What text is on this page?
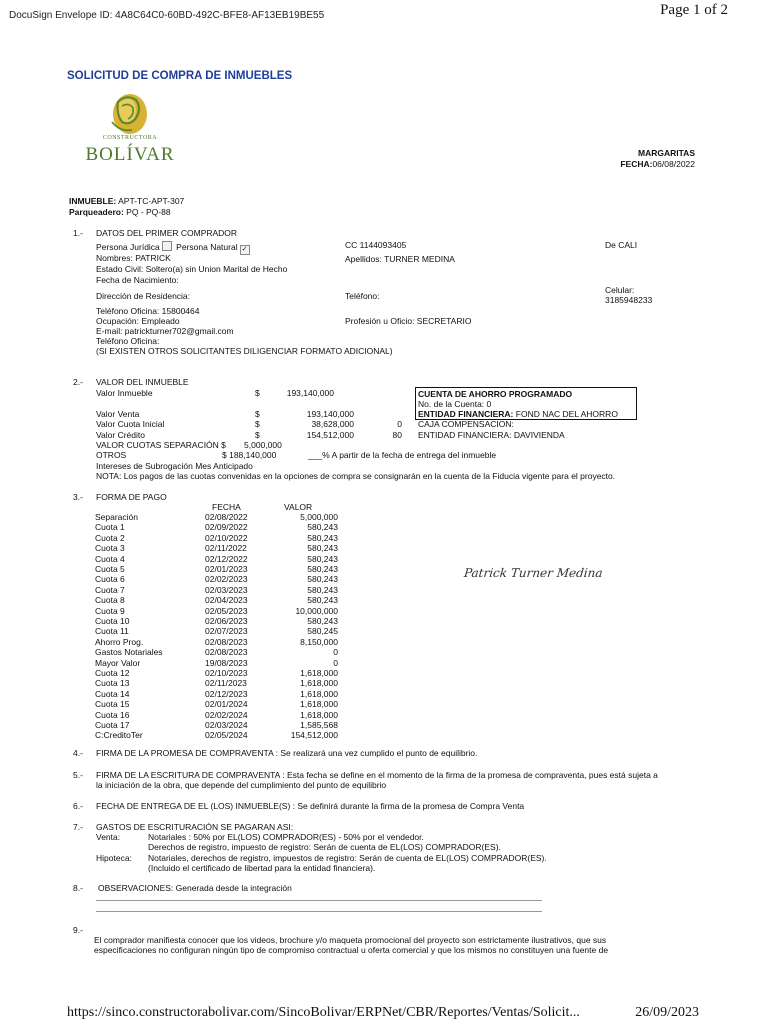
DocuSign Envelope ID: 4A8C64C0-60BD-492C-BFE8-AF13EB19BE55	Page 1 of 2
SOLICITUD DE COMPRA DE INMUEBLES
CONSTRUCTORA
BOLÍVAR	MARGARITAS
FECHA:06/08/2022
INMUEBLE: APT-TC-APT-307
Parqueadero: PQ - PQ-88
1.- DATOS DEL PRIMER COMPRADOR
Persona Jurídica Persona Natural ✓	CC 1144093405	De CALI
Nombres: PATRICK	Apellidos: TURNER MEDINA
Estado Civil: Soltero(a) sin Union Marital de Hecho
Fecha de Nacimiento:
Dirección de Residencia:	Teléfono:
Celular:
3185948233
Teléfono Oficina: 15800464
Ocupación: Empleado	Profesión u Oficio: SECRETARIO
E-mail: patrickturner702@gmail.com
Teléfono Oficina:
(SI EXISTEN OTROS SOLICITANTES DILIGENCIAR FORMATO ADICIONAL)
2.- VALOR DEL INMUEBLE
Valor Inmueble	$	193,140,000	CUENTA DE AHORRO PROGRAMADO
No. de la Cuenta: 0
ENTIDAD FINANCIERA: FOND NAC DEL AHORRO
Valor Venta	$	193,140,000
Valor Cuota Inicial	$	38,628,000	0 CAJA COMPENSACION:
Valor Crédito	$	154,512,000	80 ENTIDAD FINANCIERA: DAVIVIENDA
VALOR CUOTAS SEPARACIÓN $ 5,000,000
OTROS	$ 188,140,000	___% A partir de la fecha de entrega del inmueble
Intereses de Subrogación Mes Anticipado
NOTA: Los pagos de las cuotas convenidas en la opciones de compra se consignarán en la cuenta de la Fiducia vigente para el proyecto.
3.- FORMA DE PAGO
FECHA	VALOR
Separación	02/08/2022	5,000,000
Cuota 1	02/09/2022	580,243
Cuota 2	02/10/2022	580,243
Cuota 3	02/11/2022	580,243
Cuota 4	02/12/2022	580,243
Cuota 5	02/01/2023	580,243
Cuota 6	02/02/2023	580,243
Cuota 7	02/03/2023	580,243
Cuota 8	02/04/2023	580,243
Cuota 9	02/05/2023	10,000,000
Cuota 10	02/06/2023	580,243
Cuota 11	02/07/2023	580,245
Ahorro Prog.	02/08/2023	8,150,000
Gastos Notariales	02/08/2023	0
Mayor Valor	19/08/2023	0
Cuota 12	02/10/2023	1,618,000
Cuota 13	02/11/2023	1,618,000
Cuota 14	02/12/2023	1,618,000
Cuota 15	02/01/2024	1,618,000
Cuota 16	02/02/2024	1,618,000
Cuota 17	02/03/2024	1,585,568
C:CreditoTer	02/05/2024	154,512,000
Patrick Turner Medina
4.- FIRMA DE LA PROMESA DE COMPRAVENTA : Se realizará una vez cumplido el punto de equilibrio.
5.- FIRMA DE LA ESCRITURA DE COMPRAVENTA : Esta fecha se define en el momento de la firma de la promesa de compraventa, pues está sujeta a
la iniciación de la obra, que depende del cumplimiento del punto de equilibrio
6.- FECHA DE ENTREGA DE EL (LOS) INMUEBLE(S) : Se definirá durante la firma de la promesa de Compra Venta
7.- GASTOS DE ESCRITURACIÓN SE PAGARAN ASI:
Venta:	Notariales : 50% por EL(LOS) COMPRADOR(ES) - 50% por el vendedor.
Derechos de registro, impuesto de registro: Serán de cuenta de EL(LOS) COMPRADOR(ES).
Hipoteca: Notariales, derechos de registro, impuestos de registro: Serán de cuenta de EL(LOS) COMPRADOR(ES).
(Incluido el certificado de libertad para la entidad financiera).
8.- OBSERVACIONES: Generada desde la integración
9.-
El comprador manifiesta conocer que los videos, brochure y/o maqueta promocional del proyecto son estrictamente ilustrativos, que sus
especificaciones no configuran ningún tipo de compromiso contractual u oferta comercial y que los mismos no constituyen una fuente de
https://sinco.constructorabolivar.com/SincoBolivar/ERPNet/CBR/Reportes/Ventas/Solicit...	26/09/2023
